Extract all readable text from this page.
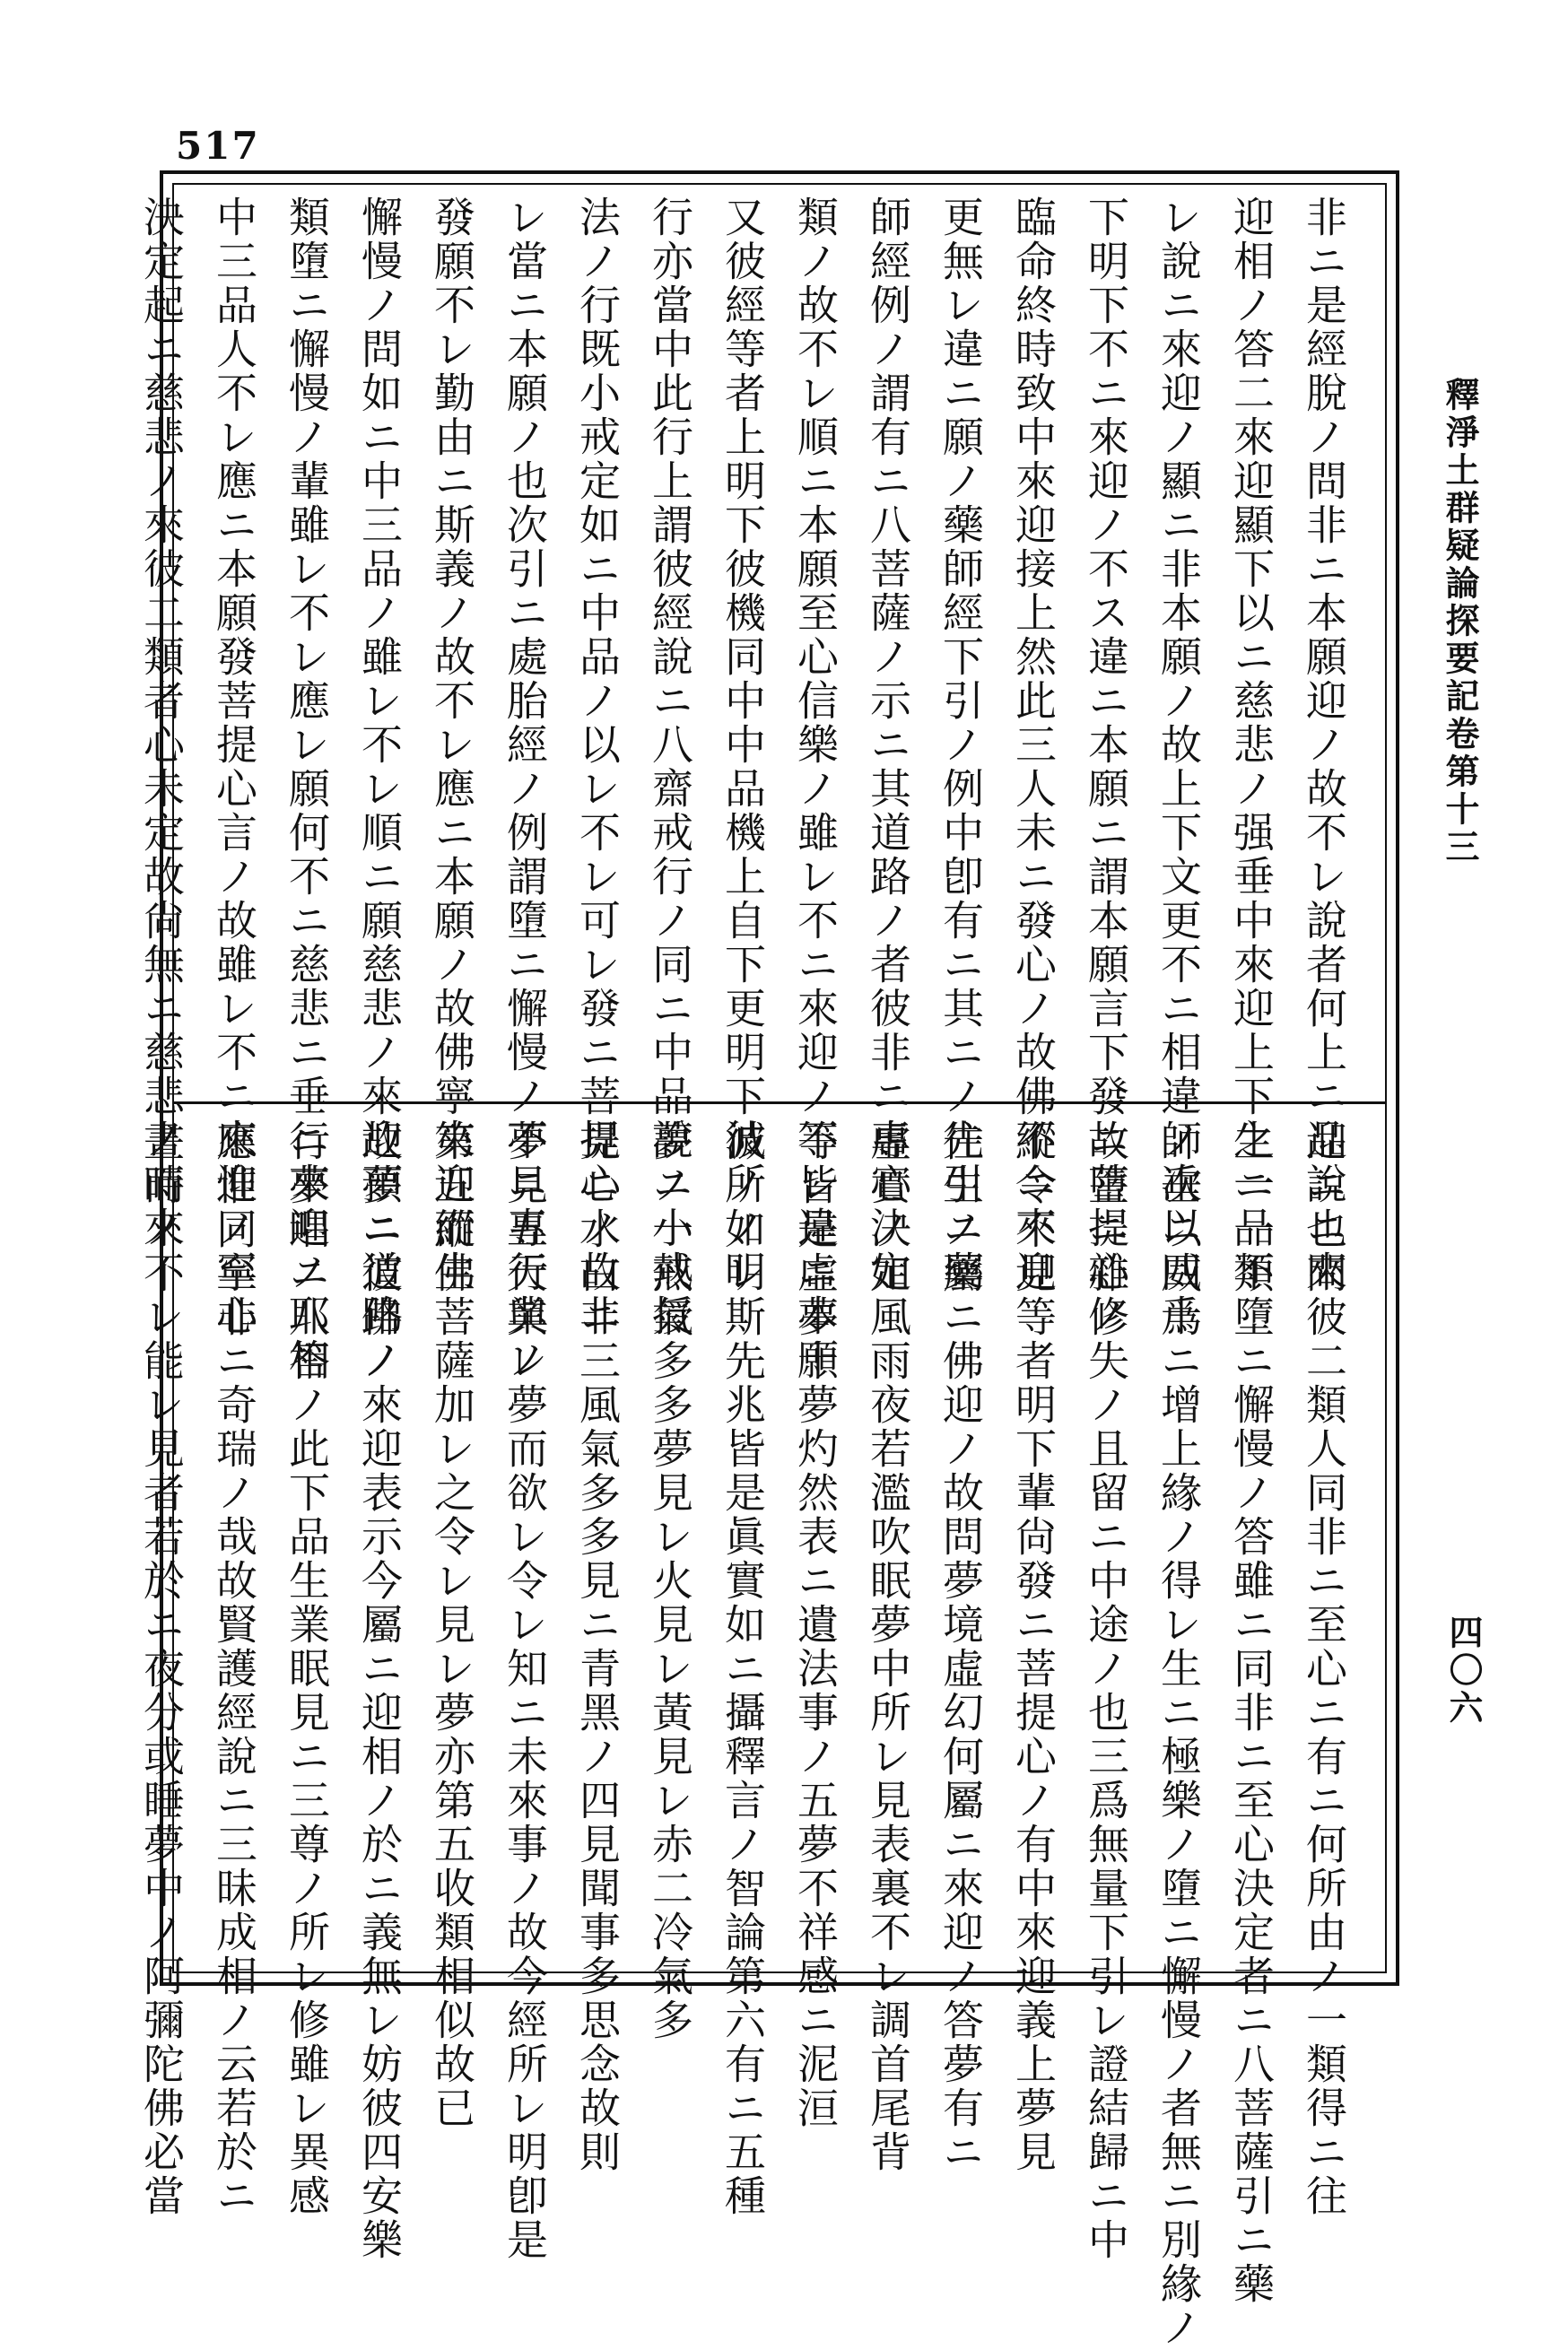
517
非ニ是經脫ノ問非ニ本願迎ノ故不レ說者何上ニ品說ニ來
迎相ノ答二來迎顯下以ニ慈悲ノ强垂中來迎上下之一品不
レ說ニ來迎ノ顯ニ非本願ノ故上下文更不ニ相違ノ次以四十
下明下不ニ來迎ノ不ス違ニ本願ニ謂本願言下發ニ菩提心ノ
臨命終時致中來迎接上然此三人未ニ發心ノ故佛不ニ來迎
更無レ違ニ願ノ藥師經下引ノ例中卽有ニ其ニノ先引ニ藥
師經例ノ謂有ニ八菩薩ノ示ニ其道路ノ者彼非ニ專心決定
類ノ故不レ順ニ本願至心信樂ノ雖レ不ニ來迎ノ不レ違ニ本願
又彼經等者上明下彼機同中中品機上自下更明下彼所ノ明
行亦當中此行上謂彼經說ニ八齋戒行ノ同ニ中品說ニ小戒授
法ノ行既小戒定如ニ中品ノ以レ不レ可レ發ニ菩提心ノ故非
レ當ニ本願ノ也次引ニ處胎經ノ例謂墮ニ懈慢ノ不ニ專行業ノ
發願不レ勤由ニ斯義ノ故不レ應ニ本願ノ故佛寧來迎而生
懈慢ノ問如ニ中三品ノ雖レ不レ順ニ願慈悲ノ來迎預ニ道路ノ
類墮ニ懈慢ノ輩雖レ不レ應レ願何不ニ慈悲ニ垂ニ來迎ノ耶答
中三品人不レ應ニ本願發菩提心言ノ故雖レ不ニ來迎ノ至心
決定起ニ慈悲ノ來彼二類者心未定故尙無ニ慈悲ノ而來
迎ニ也問彼二類人同非ニ至心ニ有ニ何所由ノ一類得ニ往
生ニ一類墮ニ懈慢ノ答雖ニ同非ニ至心決定者ニ八菩薩引ニ藥
師垂ニ威爲ニ增上緣ノ得レ生ニ極樂ノ墮ニ懈慢ノ者無ニ別緣ノ
故墮ニ雜修失ノ且留ニ中途ノ也三爲無量下引レ證結歸ニ中
縱令不見等者明下輩尙發ニ菩提心ノ有中來迎義上夢見
往生ノ屬ニ佛迎ノ故問夢境虛幻何屬ニ來迎ノ答夢有ニ
虛實ノ如風雨夜若濫吹眠夢中所レ見表裏不レ調首尾背
等皆是虛夢十夢灼然表ニ遺法事ノ五夢不祥感ニ泥洹
滅ノ如レ斯先兆皆是眞實如ニ攝釋言ノ智論第六有ニ五種
夢ノ一熱氣多多夢見レ火見レ黃見レ赤二冷氣多
見ニ水白ニ三風氣多多見ニ青黑ノ四見聞事多思念故則
夢見五天與レ夢而欲レ令レ知ニ未來事ノ故今經所レ明卽是
第五縱佛菩薩加レ之令レ見レ夢亦第五收類相似故已
故夢ニ彼佛ノ來迎表示今屬ニ迎相ノ於ニ義無レ妨彼四安樂
行夢唱ニ八相ノ此下品生業眠見ニ三尊ノ所レ修雖レ異感
應惟同寧非ニ奇瑞ノ哉故賢護經說ニ三昧成相ノ云若於ニ
晝時ノ不レ能レ見者若於ニ夜分或睡夢中ノ阿彌陀佛必當
釋淨土群疑論探要記卷第十三
四〇六
